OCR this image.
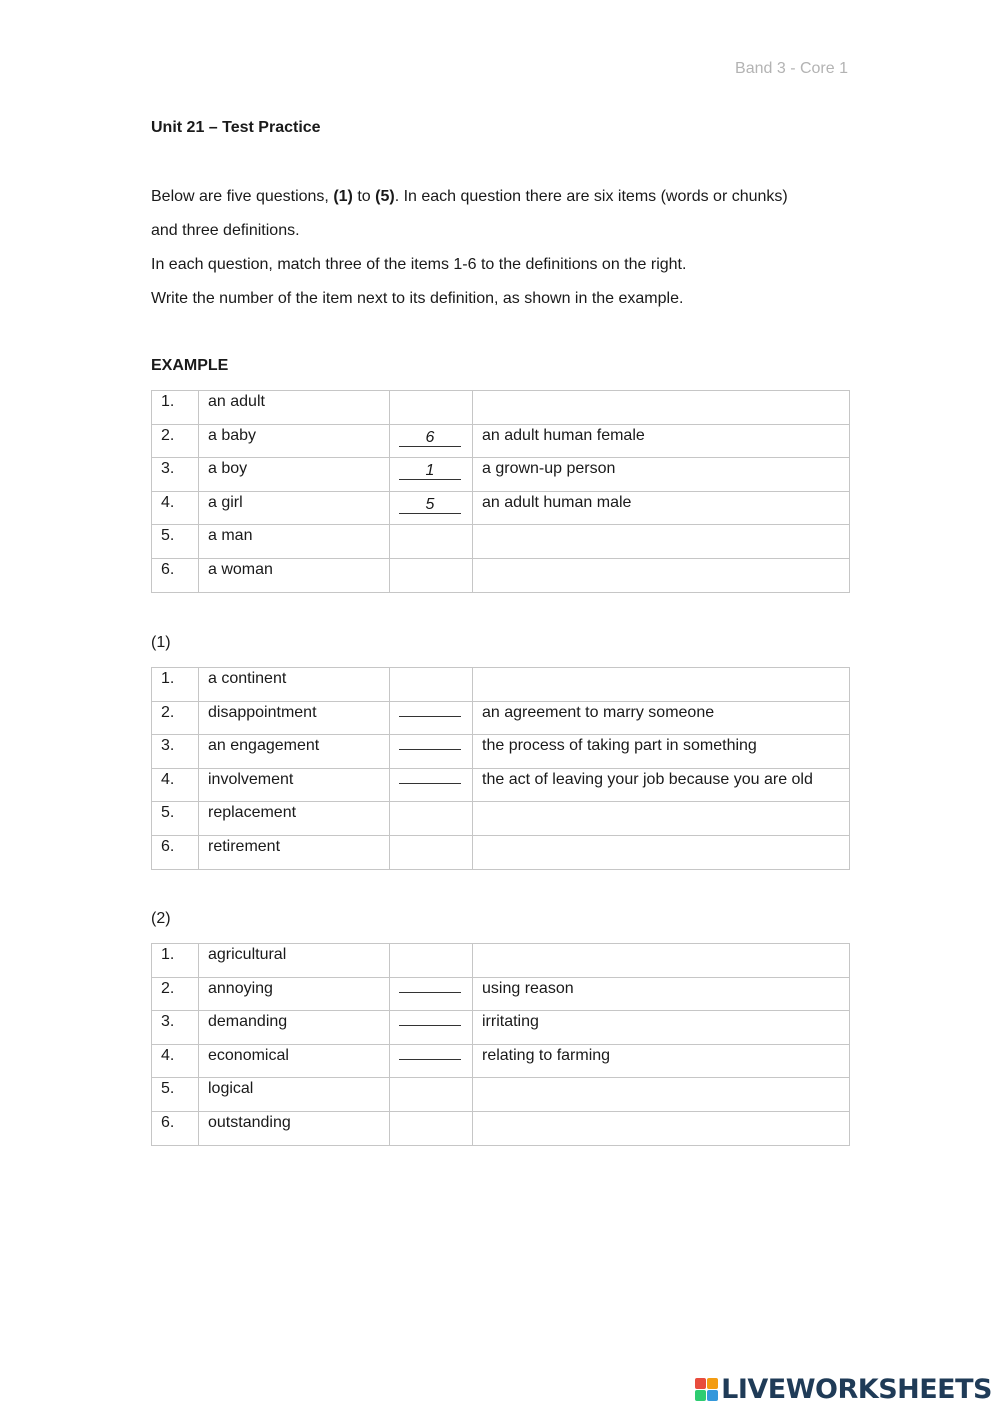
Band 3 - Core 1
Unit 21 – Test Practice

Below are five questions, (1) to (5). In each question there are six items (words or chunks)

and three definitions.

In each question, match three of the items 1-6 to the definitions on the right.

Write the number of the item next to its definition, as shown in the example.

EXAMPLE
1.	an adult		
2.	a baby	6	an adult human female
3.	a boy	1	a grown-up person
4.	a girl	5	an adult human male
5.	a man		
6.	a woman		
(1)
1.	a continent		
2.	disappointment		an agreement to marry someone
3.	an engagement		the process of taking part in something
4.	involvement		the act of leaving your job because you are old
5.	replacement		
6.	retirement		
(2)
1.	agricultural		
2.	annoying		using reason
3.	demanding		irritating
4.	economical		relating to farming
5.	logical		
6.	outstanding		
LIVEWORKSHEETS
